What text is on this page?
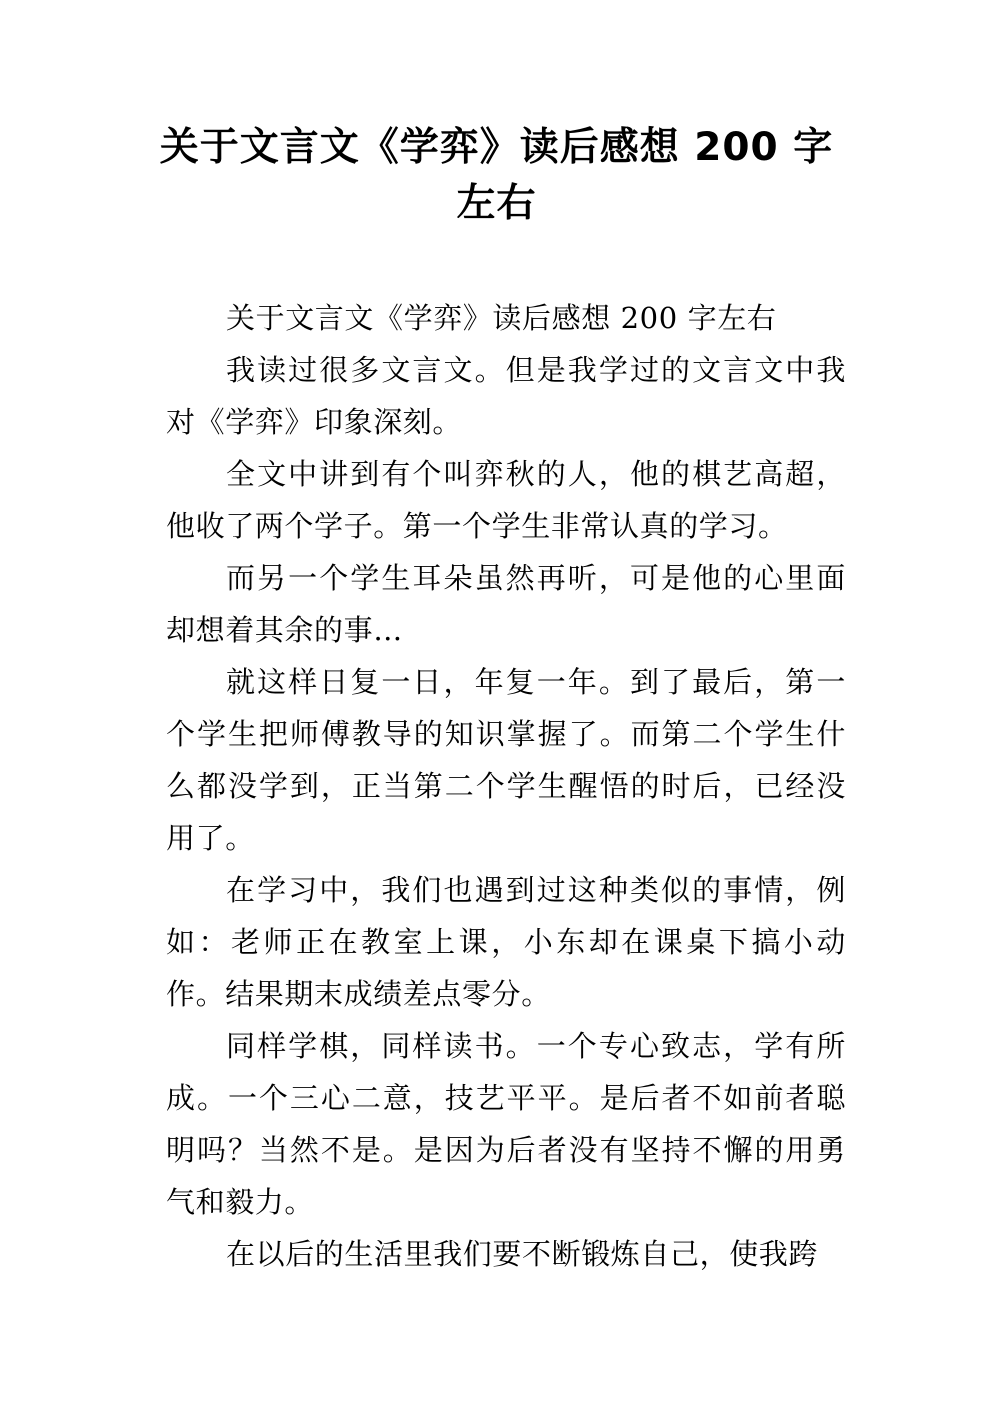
关于文言文《学弈》读后感想 200 字
左右

关于文言文《学弈》读后感想 200 字左右

我读过很多文言文。但是我学过的文言文中我对《学弈》印象深刻。

全文中讲到有个叫弈秋的人，他的棋艺高超，他收了两个学子。第一个学生非常认真的学习。

而另一个学生耳朵虽然再听，可是他的心里面却想着其余的事…

就这样日复一日，年复一年。到了最后，第一个学生把师傅教导的知识掌握了。而第二个学生什么都没学到，正当第二个学生醒悟的时后，已经没用了。

在学习中，我们也遇到过这种类似的事情，例如：老师正在教室上课，小东却在课桌下搞小动作。结果期末成绩差点零分。

同样学棋，同样读书。一个专心致志，学有所成。一个三心二意，技艺平平。是后者不如前者聪明吗？当然不是。是因为后者没有坚持不懈的用勇气和毅力。

在以后的生活里我们要不断锻炼自己，使我跨
